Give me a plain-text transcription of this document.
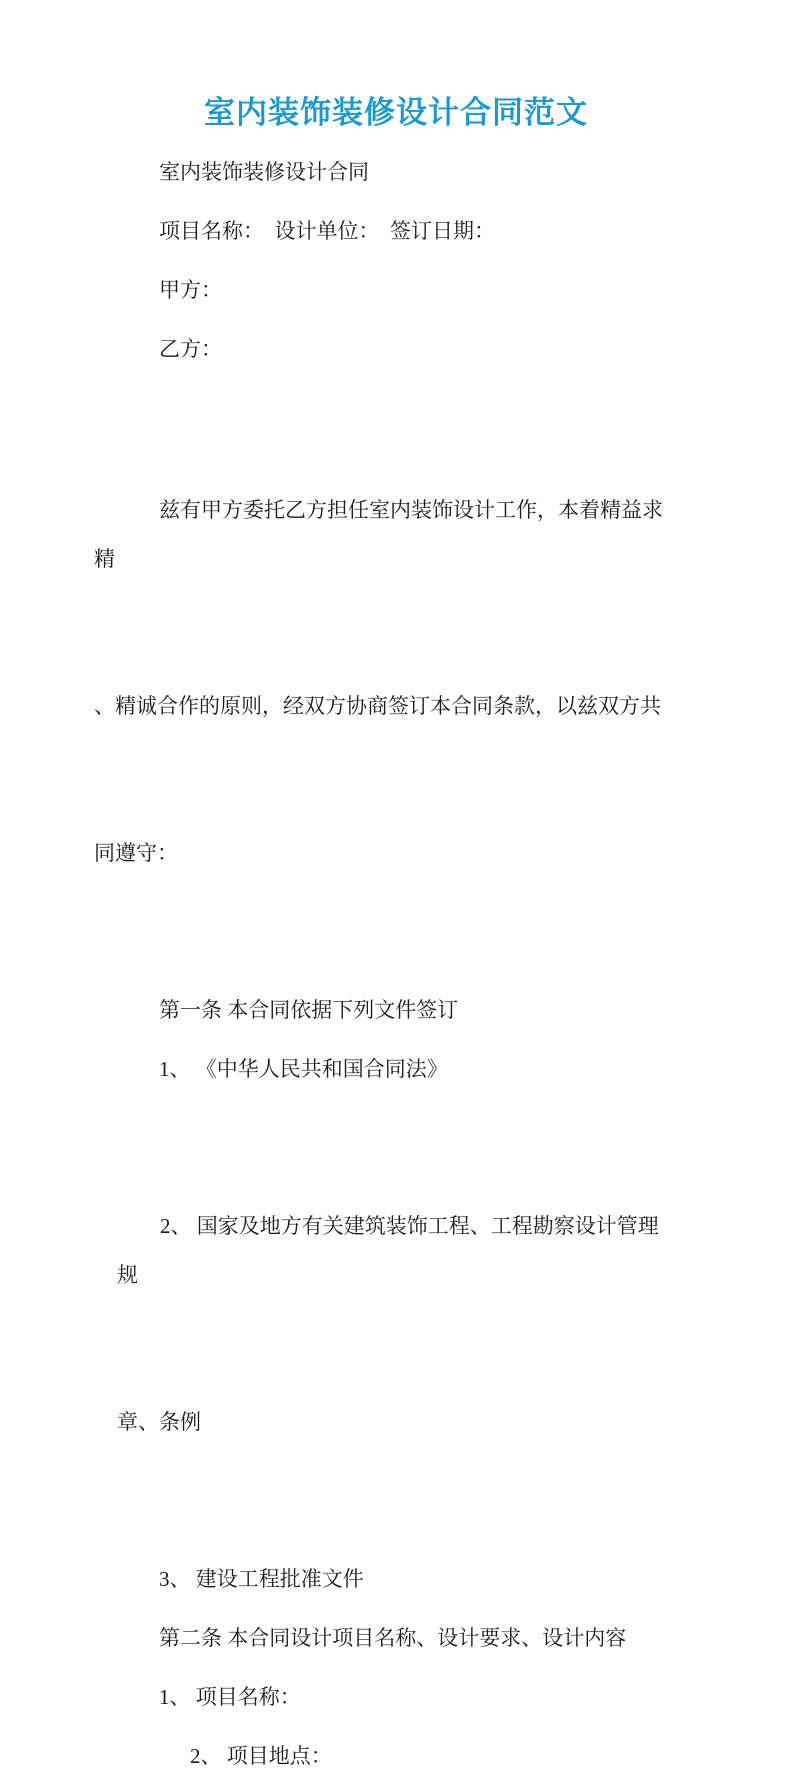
室内装饰装修设计合同范文

室内装饰装修设计合同

项目名称：　设计单位：　签订日期：

甲方：

乙方：

兹有甲方委托乙方担任室内装饰设计工作，本着精益求精

、精诚合作的原则，经双方协商签订本合同条款，以兹双方共

同遵守：

第一条 本合同依据下列文件签订

1、 《中华人民共和国合同法》

2、 国家及地方有关建筑装饰工程、工程勘察设计管理规

章、条例

3、 建设工程批准文件

第二条 本合同设计项目名称、设计要求、设计内容

1、 项目名称：

2、 项目地点：
